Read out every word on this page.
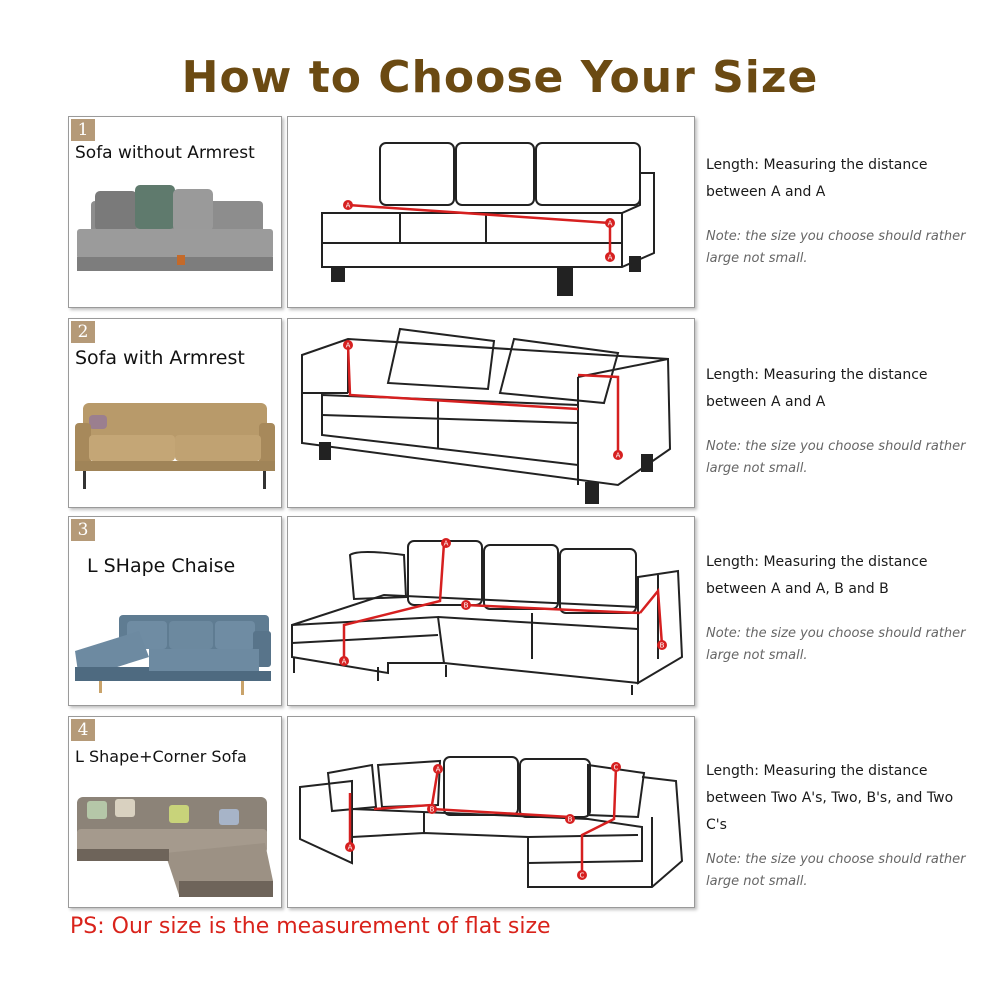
How to Choose Your Size
1
Sofa without Armrest
A
A
A
Length: Measuring the distance between A and A
Note: the size you choose should rather large not small.
2
Sofa with Armrest
A
A
Length: Measuring the distance between A and A
Note: the size you choose should rather large not small.
3
L SHape Chaise
A
A
B
B
Length: Measuring the distance between A and A, B and B
Note: the size you choose should rather large not small.
4
L Shape+Corner Sofa
A
A
B
B
C
C
Length: Measuring the distance between Two A's, Two, B's, and Two C's
Note: the size you choose should rather large not small.
PS: Our size is the measurement of flat size
